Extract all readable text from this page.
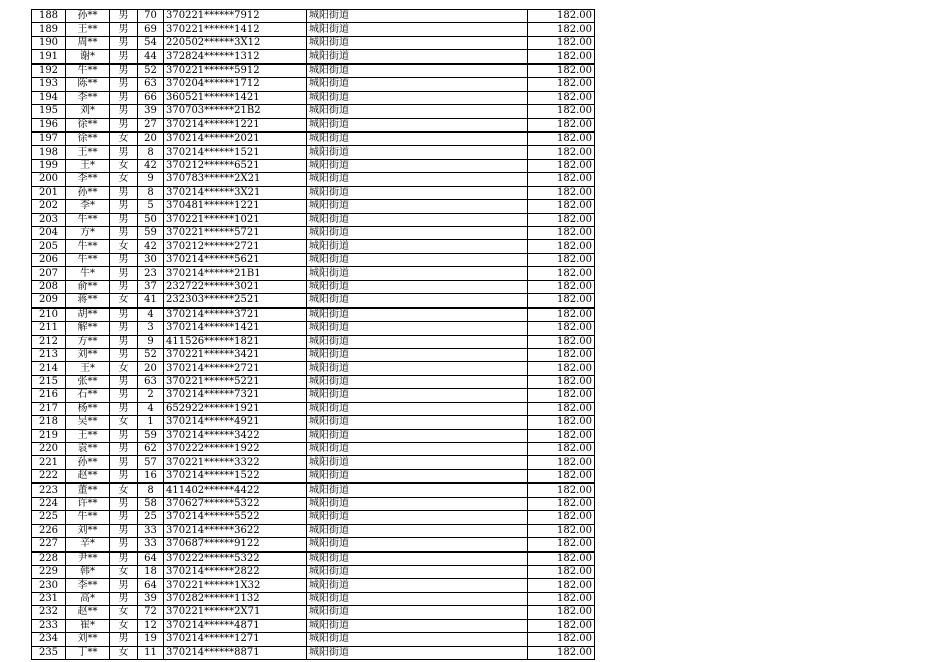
188	孙**	男	70	370221******7912	城阳街道	182.00
189	王**	男	69	370221******1412	城阳街道	182.00
190	周**	男	54	220502******3X12	城阳街道	182.00
191	谢*	男	44	372824******1312	城阳街道	182.00
192	牛**	男	52	370221******5912	城阳街道	182.00
193	陈**	男	63	370204******1712	城阳街道	182.00
194	李**	男	66	360521******1421	城阳街道	182.00
195	刘*	男	39	370703******21B2	城阳街道	182.00
196	徐**	男	27	370214******1221	城阳街道	182.00
197	徐**	女	20	370214******2021	城阳街道	182.00
198	王**	男	8	370214******1521	城阳街道	182.00
199	王*	女	42	370212******6521	城阳街道	182.00
200	李**	女	9	370783******2X21	城阳街道	182.00
201	孙**	男	8	370214******3X21	城阳街道	182.00
202	李*	男	5	370481******1221	城阳街道	182.00
203	牛**	男	50	370221******1021	城阳街道	182.00
204	方*	男	59	370221******5721	城阳街道	182.00
205	牛**	女	42	370212******2721	城阳街道	182.00
206	牛**	男	30	370214******5621	城阳街道	182.00
207	牛*	男	23	370214******21B1	城阳街道	182.00
208	俞**	男	37	232722******3021	城阳街道	182.00
209	蒋**	女	41	232303******2521	城阳街道	182.00
210	胡**	男	4	370214******3721	城阳街道	182.00
211	解**	男	3	370214******1421	城阳街道	182.00
212	方**	男	9	411526******1821	城阳街道	182.00
213	刘**	男	52	370221******3421	城阳街道	182.00
214	王*	女	20	370214******2721	城阳街道	182.00
215	张**	男	63	370221******5221	城阳街道	182.00
216	石**	男	2	370214******7321	城阳街道	182.00
217	杨**	男	4	652922******1921	城阳街道	182.00
218	吴**	女	1	370214******4921	城阳街道	182.00
219	王**	男	59	370214******3422	城阳街道	182.00
220	袁**	男	62	370222******1922	城阳街道	182.00
221	孙**	男	57	370221******3322	城阳街道	182.00
222	赵**	男	16	370214******1522	城阳街道	182.00
223	董**	女	8	411402******4422	城阳街道	182.00
224	许**	男	58	370627******5322	城阳街道	182.00
225	牛**	男	25	370214******5522	城阳街道	182.00
226	刘**	男	33	370214******3622	城阳街道	182.00
227	辛*	男	33	370687******9122	城阳街道	182.00
228	尹**	男	64	370222******5322	城阳街道	182.00
229	韩*	女	18	370214******2822	城阳街道	182.00
230	李**	男	64	370221******1X32	城阳街道	182.00
231	高*	男	39	370282******1132	城阳街道	182.00
232	赵**	女	72	370221******2X71	城阳街道	182.00
233	崔*	女	12	370214******4871	城阳街道	182.00
234	刘**	男	19	370214******1271	城阳街道	182.00
235	丁**	女	11	370214******8871	城阳街道	182.00
